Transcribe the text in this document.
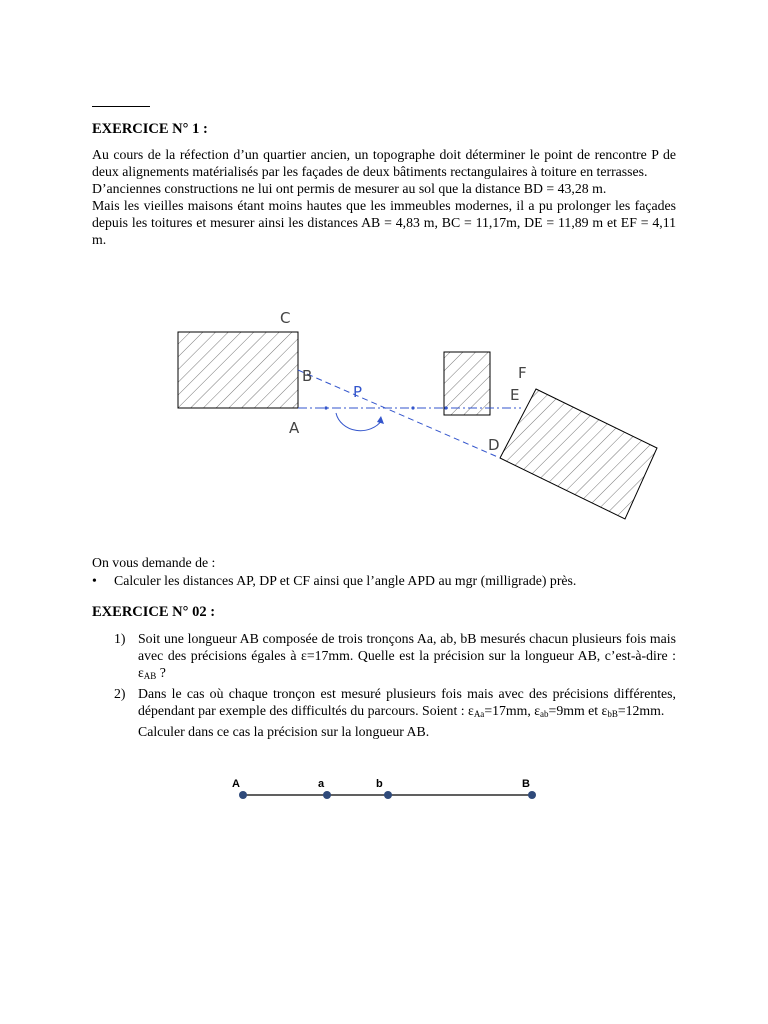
EXERCICE N° 1 :

Au cours de la réfection d’un quartier ancien, un topographe doit déterminer le point de rencontre P de deux alignements matérialisés par les façades de deux bâtiments rectangulaires à toiture en terrasses.

D’anciennes constructions ne lui ont permis de mesurer au sol que la distance BD = 43,28 m.

Mais les vieilles maisons étant moins hautes que les immeubles modernes, il a pu prolonger les façades depuis les toitures et mesurer ainsi les distances AB = 4,83 m, BC = 11,17m, DE = 11,89 m et EF = 4,11 m.

C
B
A
P
F
E
D
A	a	b	B
On vous demande de :
• Calculer les distances AP, DP et CF ainsi que l’angle APD au mgr (milligrade) près.
EXERCICE N° 02 :
1) Soit une longueur AB composée de trois tronçons Aa, ab, bB mesurés chacun plusieurs fois mais avec des précisions égales à ε=17mm. Quelle est la précision sur la longueur AB, c’est-à-dire : $\varepsilon_{AB}$ ?
2) Dans le cas où chaque tronçon est mesuré plusieurs fois mais avec des précisions différentes, dépendant par exemple des difficultés du parcours. Soient : $\varepsilon_{Aa}=17mm$, $\varepsilon_{ab}=9mm$ et $\varepsilon_{bB}=12mm$.
Calculer dans ce cas la précision sur la longueur AB.
